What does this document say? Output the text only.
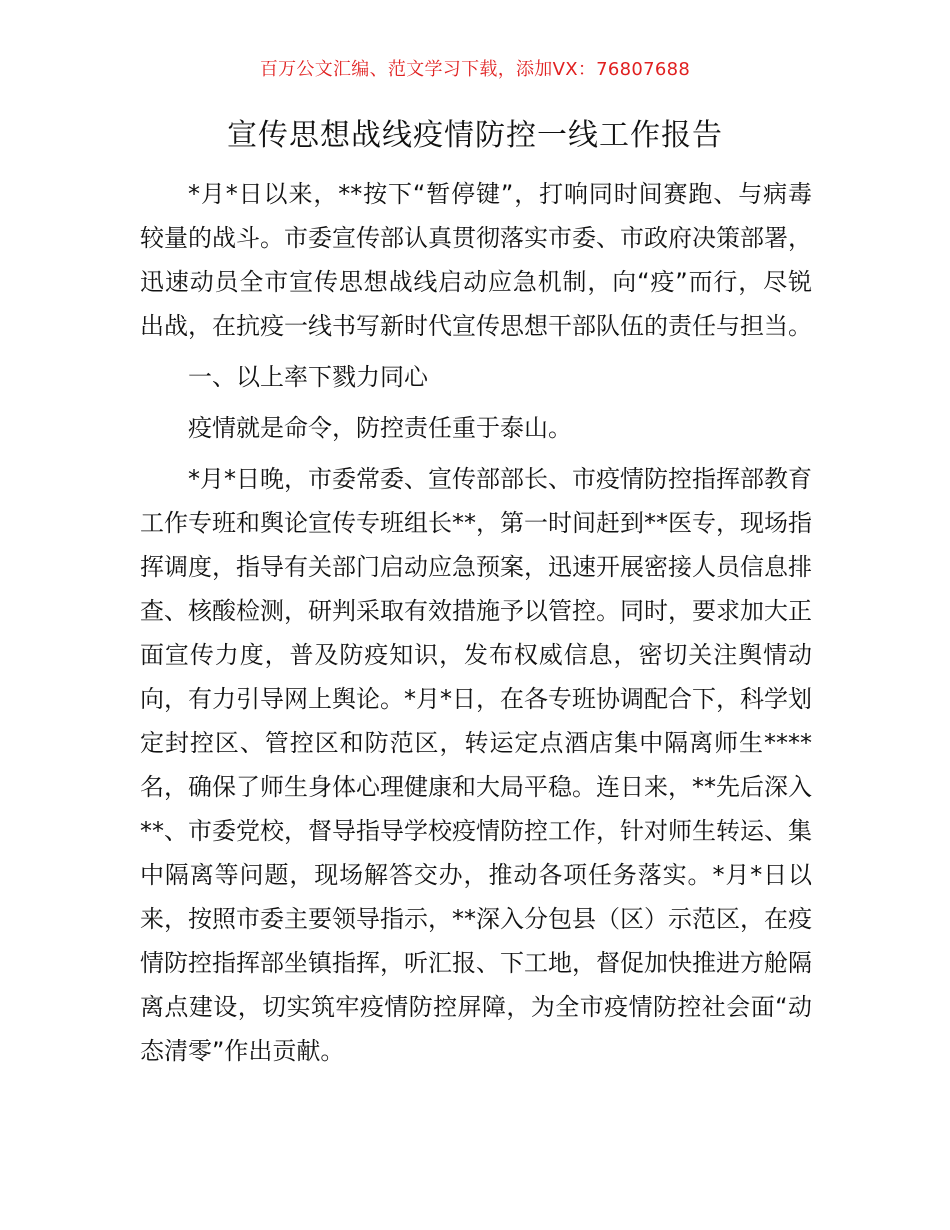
百万公文汇编、范文学习下载，添加VX：76807688
宣传思想战线疫情防控一线工作报告

*月*日以来，**按下“暂停键”，打响同时间赛跑、与病毒较量的战斗。市委宣传部认真贯彻落实市委、市政府决策部署，迅速动员全市宣传思想战线启动应急机制，向“疫”而行，尽锐出战，在抗疫一线书写新时代宣传思想干部队伍的责任与担当。

一、以上率下戮力同心

疫情就是命令，防控责任重于泰山。

*月*日晚，市委常委、宣传部部长、市疫情防控指挥部教育工作专班和舆论宣传专班组长**，第一时间赶到**医专，现场指挥调度，指导有关部门启动应急预案，迅速开展密接人员信息排查、核酸检测，研判采取有效措施予以管控。同时，要求加大正面宣传力度，普及防疫知识，发布权威信息，密切关注舆情动向，有力引导网上舆论。*月*日，在各专班协调配合下，科学划定封控区、管控区和防范区，转运定点酒店集中隔离师生****名，确保了师生身体心理健康和大局平稳。连日来，**先后深入**、市委党校，督导指导学校疫情防控工作，针对师生转运、集中隔离等问题，现场解答交办，推动各项任务落实。*月*日以来，按照市委主要领导指示，**深入分包县（区）示范区，在疫情防控指挥部坐镇指挥，听汇报、下工地，督促加快推进方舱隔离点建设，切实筑牢疫情防控屏障，为全市疫情防控社会面“动态清零”作出贡献。
